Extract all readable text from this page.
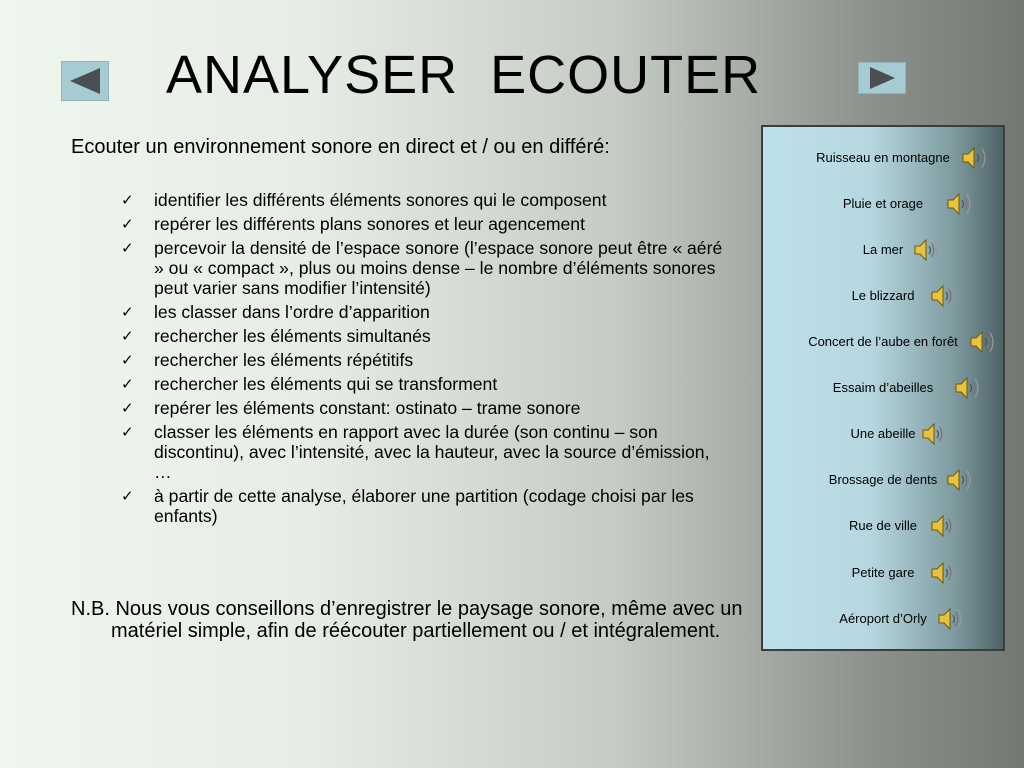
ANALYSER  ECOUTER
Ecouter un environnement sonore en direct et / ou en différé:
✓ identifier les différents éléments sonores qui le composent
✓ repérer les différents plans sonores et leur agencement
✓ percevoir la densité de l’espace sonore (l’espace sonore peut être « aéré » ou « compact », plus ou moins dense – le nombre d’éléments sonores peut varier sans modifier l’intensité)
✓ les classer dans l’ordre d’apparition
✓ rechercher les éléments simultanés
✓ rechercher les éléments répétitifs
✓ rechercher les éléments qui se transforment
✓ repérer les éléments constant: ostinato – trame sonore
✓ classer les éléments en rapport avec la durée (son continu – son discontinu), avec l’intensité, avec la hauteur, avec la source d’émission, …
✓ à partir de cette analyse, élaborer une partition (codage choisi par les enfants)
N.B. Nous vous conseillons d’enregistrer le paysage sonore, même avec un matériel simple, afin de réécouter partiellement ou / et intégralement.
Ruisseau en montagne
Pluie et orage
La mer
Le blizzard
Concert de l’aube en forêt
Essaim d’abeilles
Une abeille
Brossage de dents
Rue de ville
Petite gare
Aéroport d’Orly
